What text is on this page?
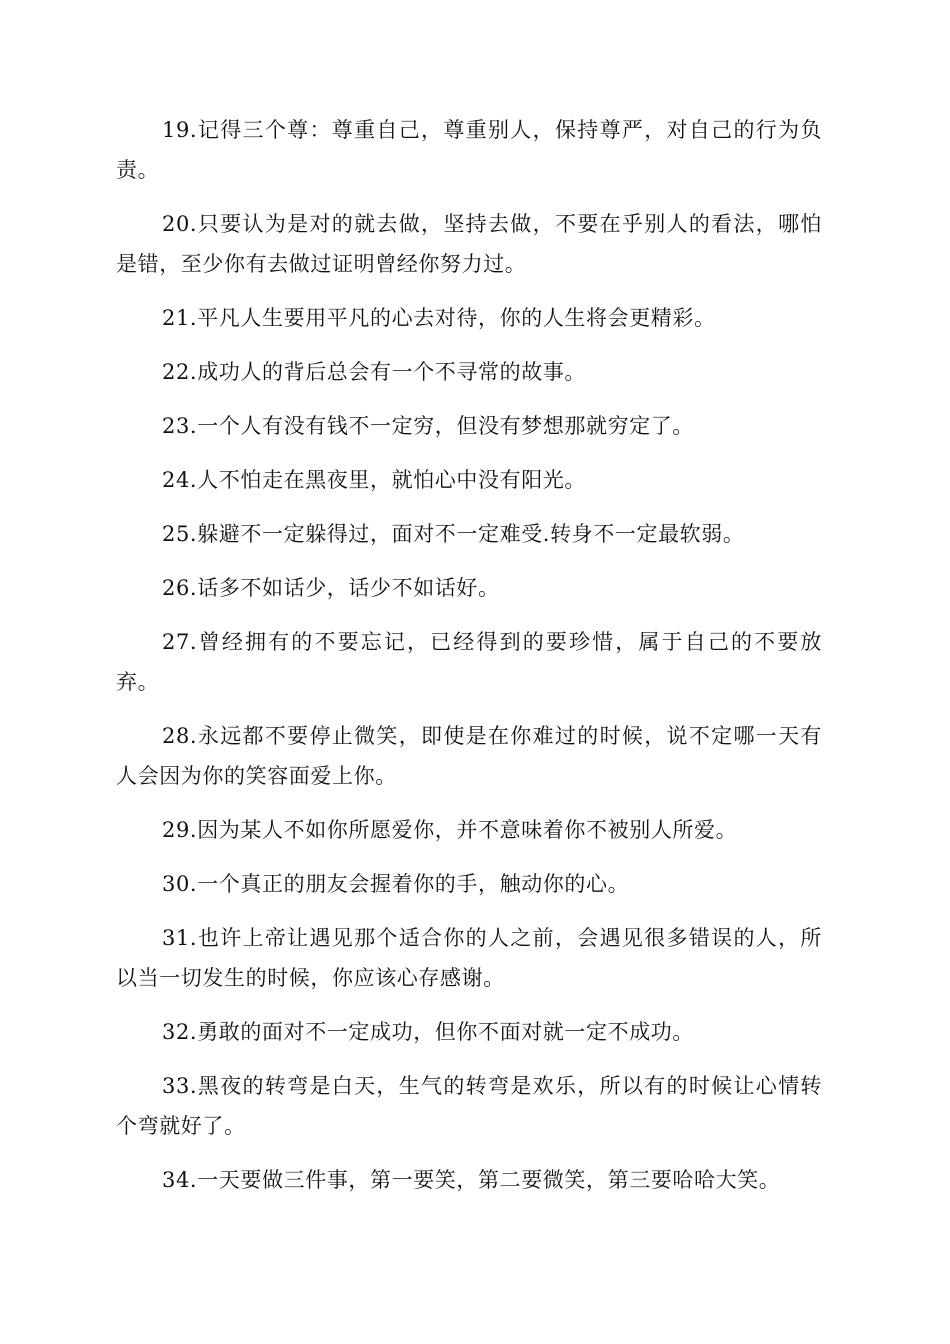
19.记得三个尊：尊重自己，尊重别人，保持尊严，对自己的行为负责。

20.只要认为是对的就去做，坚持去做，不要在乎别人的看法，哪怕是错，至少你有去做过证明曾经你努力过。

21.平凡人生要用平凡的心去对待，你的人生将会更精彩。

22.成功人的背后总会有一个不寻常的故事。

23.一个人有没有钱不一定穷，但没有梦想那就穷定了。

24.人不怕走在黑夜里，就怕心中没有阳光。

25.躲避不一定躲得过，面对不一定难受.转身不一定最软弱。

26.话多不如话少，话少不如话好。

27.曾经拥有的不要忘记，已经得到的要珍惜，属于自己的不要放弃。

28.永远都不要停止微笑，即使是在你难过的时候，说不定哪一天有人会因为你的笑容面爱上你。

29.因为某人不如你所愿爱你，并不意味着你不被别人所爱。

30.一个真正的朋友会握着你的手，触动你的心。

31.也许上帝让遇见那个适合你的人之前，会遇见很多错误的人，所以当一切发生的时候，你应该心存感谢。

32.勇敢的面对不一定成功，但你不面对就一定不成功。

33.黑夜的转弯是白天，生气的转弯是欢乐，所以有的时候让心情转个弯就好了。

34.一天要做三件事，第一要笑，第二要微笑，第三要哈哈大笑。
